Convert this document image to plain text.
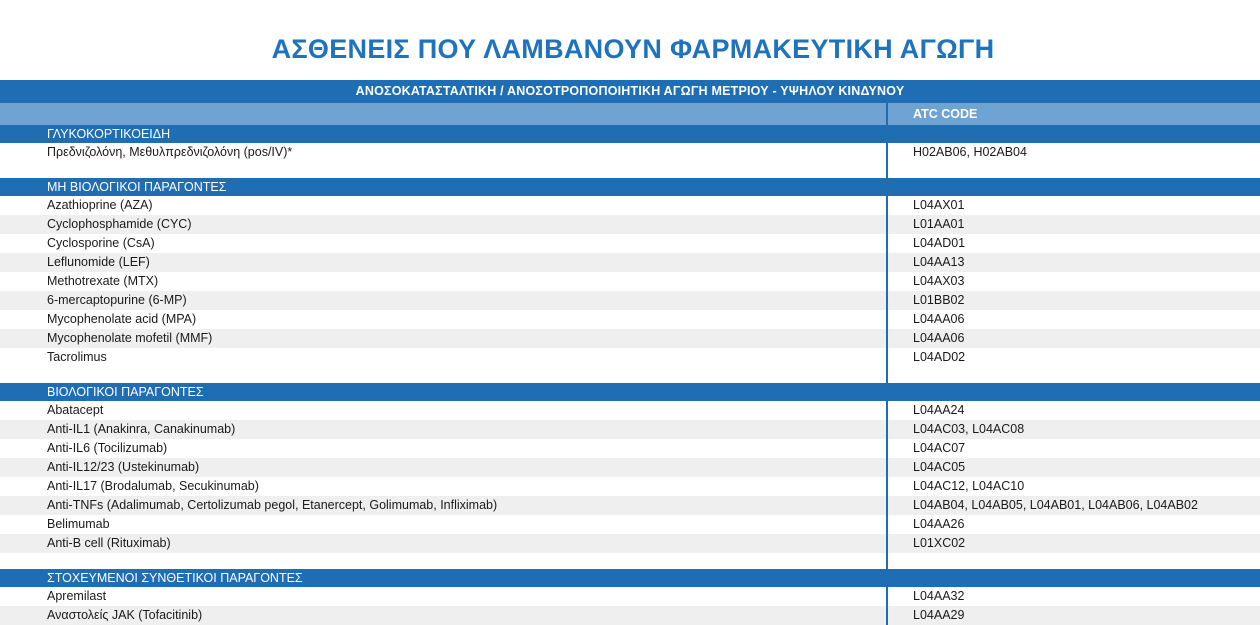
ΑΣΘΕΝΕΙΣ ΠΟΥ ΛΑΜΒΑΝΟΥΝ ΦΑΡΜΑΚΕΥΤΙΚΗ ΑΓΩΓΗ
ΑΝΟΣΟΚΑΤΑΣΤΑΛΤΙΚΗ / ΑΝΟΣΟΤΡΟΠΟΠΟΙΗΤΙΚΗ ΑΓΩΓΗ ΜΕΤΡΙΟΥ - ΥΨΗΛΟΥ ΚΙΝΔΥΝΟΥ
ATC CODE
ΓΛΥΚΟΚΟΡΤΙΚΟΕΙΔΗ
Πρεδνιζολόνη, Μεθυλπρεδνιζολόνη (pos/IV)*	H02AB06, H02AB04
ΜΗ ΒΙΟΛΟΓΙΚΟΙ ΠΑΡΑΓΟΝΤΕΣ
Azathioprine (AZA)	L04AX01
Cyclophosphamide (CYC)	L01AA01
Cyclosporine (CsA)	L04AD01
Leflunomide (LEF)	L04AA13
Methotrexate (MTX)	L04AX03
6-mercaptopurine (6-MP)	L01BB02
Mycophenolate acid (MPA)	L04AA06
Mycophenolate mofetil (MMF)	L04AA06
Tacrolimus	L04AD02
ΒΙΟΛΟΓΙΚΟΙ ΠΑΡΑΓΟΝΤΕΣ
Abatacept	L04AA24
Anti-IL1 (Anakinra, Canakinumab)	L04AC03, L04AC08
Anti-IL6 (Tocilizumab)	L04AC07
Anti-IL12/23 (Ustekinumab)	L04AC05
Anti-IL17 (Brodalumab, Secukinumab)	L04AC12, L04AC10
Anti-TNFs (Adalimumab, Certolizumab pegol, Etanercept, Golimumab, Infliximab)	L04AB04, L04AB05, L04AB01, L04AB06, L04AB02
Belimumab	L04AA26
Anti-B cell (Rituximab)	L01XC02
ΣΤΟΧΕΥΜΕΝΟΙ ΣΥΝΘΕΤΙΚΟΙ ΠΑΡΑΓΟΝΤΕΣ
Apremilast	L04AA32
Αναστολείς JAK (Tofacitinib)	L04AA29
